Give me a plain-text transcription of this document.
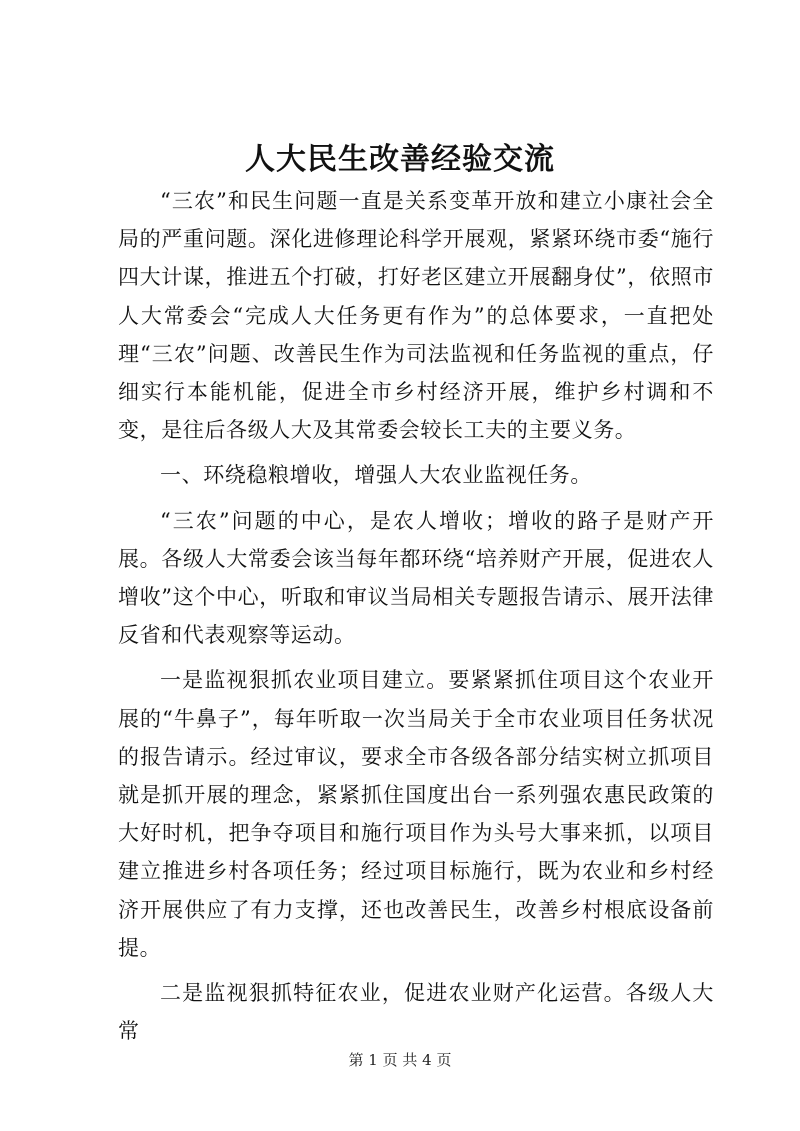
人大民生改善经验交流

“三农”和民生问题一直是关系变革开放和建立小康社会全局的严重问题。深化进修理论科学开展观，紧紧环绕市委“施行四大计谋，推进五个打破，打好老区建立开展翻身仗”，依照市人大常委会“完成人大任务更有作为”的总体要求，一直把处理“三农”问题、改善民生作为司法监视和任务监视的重点，仔细实行本能机能，促进全市乡村经济开展，维护乡村调和不变，是往后各级人大及其常委会较长工夫的主要义务。

一、环绕稳粮增收，增强人大农业监视任务。

“三农”问题的中心，是农人增收；增收的路子是财产开展。各级人大常委会该当每年都环绕“培养财产开展，促进农人增收”这个中心，听取和审议当局相关专题报告请示、展开法律反省和代表观察等运动。

一是监视狠抓农业项目建立。要紧紧抓住项目这个农业开展的“牛鼻子”，每年听取一次当局关于全市农业项目任务状况的报告请示。经过审议，要求全市各级各部分结实树立抓项目就是抓开展的理念，紧紧抓住国度出台一系列强农惠民政策的大好时机，把争夺项目和施行项目作为头号大事来抓，以项目建立推进乡村各项任务；经过项目标施行，既为农业和乡村经济开展供应了有力支撑，还也改善民生，改善乡村根底设备前提。

二是监视狠抓特征农业，促进农业财产化运营。各级人大常

第 1 页 共 4 页
